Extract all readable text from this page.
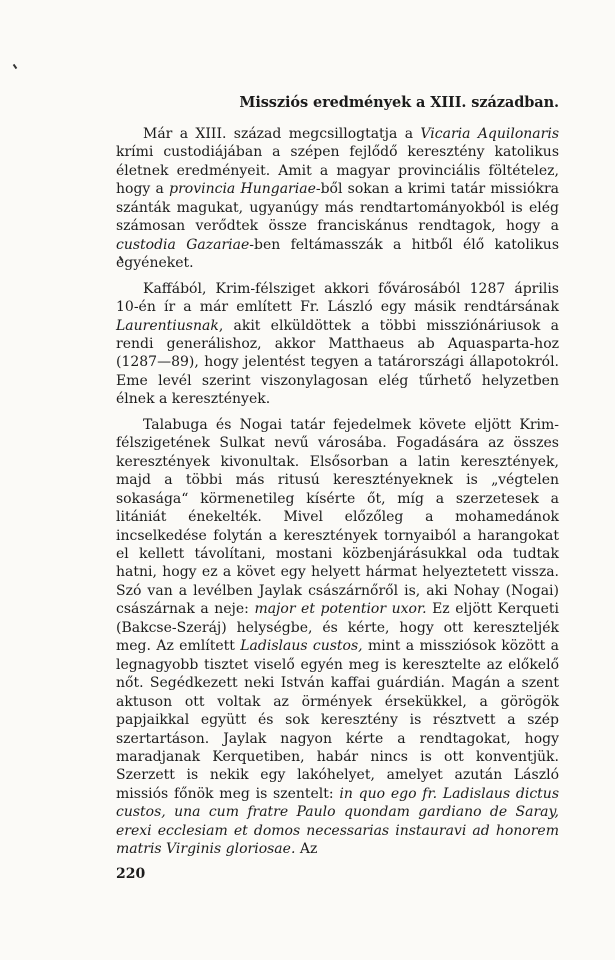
Missziós eredmények a XIII. században.

Már a XIII. század megcsillogtatja a Vicaria Aquilonaris krími custodiájában a szépen fejlődő keresztény katolikus életnek eredményeit. Amit a magyar provinciális föltételez, hogy a provincia Hungariae-ből sokan a krimi tatár missiókra szánták magukat, ugyanúgy más rendtartományokból is elég számosan verődtek össze franciskánus rendtagok, hogy a custodia Gazariae-ben feltámasszák a hitből élő katolikus egyéneket.

Kaffából, Krim-félsziget akkori fővárosából 1287 április 10-én ír a már említett Fr. László egy másik rendtársának Laurentiusnak, akit elküldöttek a többi missziónáriusok a rendi generálishoz, akkor Matthaeus ab Aquasparta-hoz (1287—89), hogy jelentést tegyen a tatárországi állapotokról. Eme levél szerint viszonylagosan elég tűrhető helyzetben élnek a keresztények.

Talabuga és Nogai tatár fejedelmek követe eljött Krim-félszigetének Sulkat nevű városába. Fogadására az összes keresztények kivonultak. Elsősorban a latin keresztények, majd a többi más ritusú keresztényeknek is „végtelen sokasága“ körmenetileg kísérte őt, míg a szerzetesek a litániát énekelték. Mivel előzőleg a mohamedánok incselkedése folytán a keresztények tornyaiból a harangokat el kellett távolítani, mostani közbenjárásukkal oda tudtak hatni, hogy ez a követ egy helyett hármat helyeztetett vissza. Szó van a levélben Jaylak császárnőről is, aki Nohay (Nogai) császárnak a neje: major et potentior uxor. Ez eljött Kerqueti (Bakcse-Szeráj) helységbe, és kérte, hogy ott kereszteljék meg. Az említett Ladislaus custos, mint a missziósok között a legnagyobb tisztet viselő egyén meg is keresztelte az előkelő nőt. Segédkezett neki István kaffai guárdián. Magán a szent aktuson ott voltak az örmények érsekükkel, a görögök papjaikkal együtt és sok keresztény is résztvett a szép szertartáson. Jaylak nagyon kérte a rendtagokat, hogy maradjanak Kerquetiben, habár nincs is ott konventjük. Szerzett is nekik egy lakóhelyet, amelyet azután László missiós főnök meg is szentelt: in quo ego fr. Ladislaus dictus custos, una cum fratre Paulo quondam gardiano de Saray, erexi ecclesiam et domos necessarias instauravi ad honorem matris Virginis gloriosae. Az

220
